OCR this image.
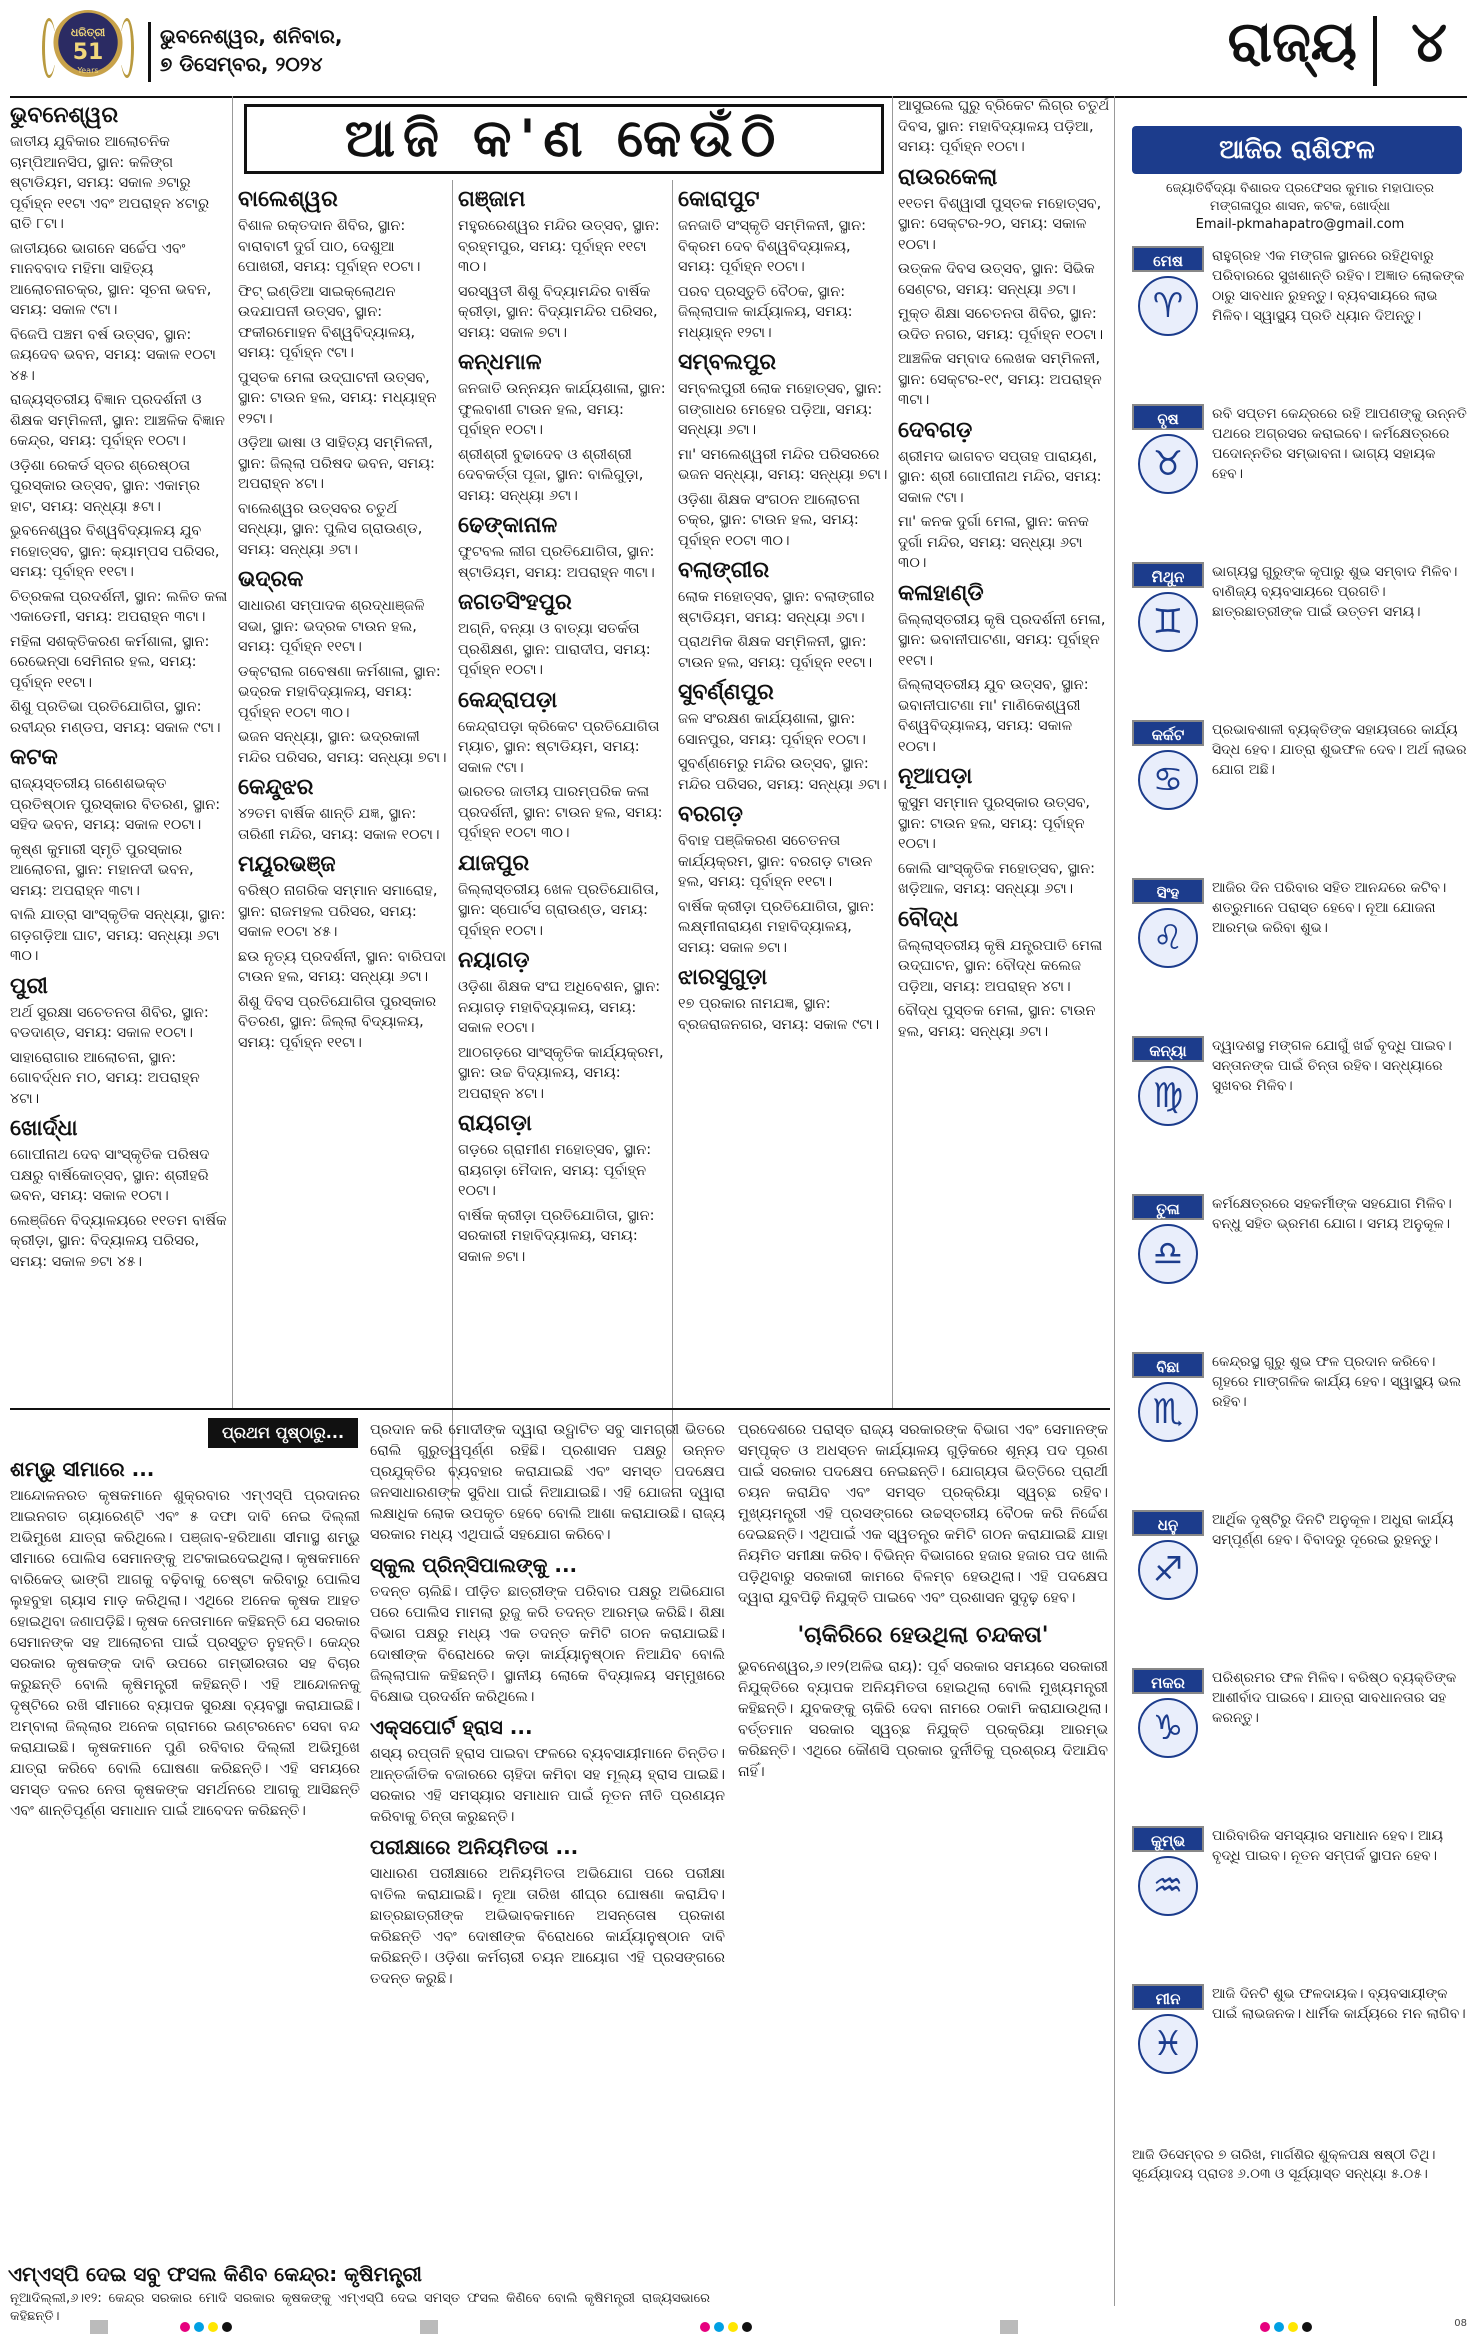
ଧରିତ୍ରୀ
51
Years
ଭୁବନେଶ୍ୱର, ଶନିବାର,
୭ ଡିସେମ୍ବର, ୨୦୨୪	ରାଜ୍ୟ ୪
ଆଜି କ'ଣ କେଉଁଠି
ଭୁବନେଶ୍ୱର

ଜାତୀୟ ଯୁବିକାର ଆଲୋଚନିକ ଚାମ୍ପିଆନସିପ, ସ୍ଥାନ: କଳିଙ୍ଗ ଷ୍ଟାଡିୟମ, ସମୟ: ସକାଳ ୬ଟାରୁ ପୂର୍ବାହ୍ନ ୧୧ଟା ଏବଂ ଅପରାହ୍ନ ୪ଟାରୁ ରାତି ୮ଟା।

ଜାତୀୟରେ ଭାଗନେ ସର୍ଚ୍ଚେପ ଏବଂ ମାନବବାଦ ମହିମା ସାହିତ୍ୟ ଆଲୋଚନାଚକ୍ର, ସ୍ଥାନ: ସୂଚନା ଭବନ, ସମୟ: ସକାଳ ୯ଟା।

ବିଜେପି ପଞ୍ଚମ ବର୍ଷ ଉତ୍ସବ, ସ୍ଥାନ: ଜୟଦେବ ଭବନ, ସମୟ: ସକାଳ ୧୦ଟା ୪୫।

ରାଜ୍ୟସ୍ତରୀୟ ବିଜ୍ଞାନ ପ୍ରଦର୍ଶନୀ ଓ ଶିକ୍ଷକ ସମ୍ମିଳନୀ, ସ୍ଥାନ: ଆଞ୍ଚଳିକ ବିଜ୍ଞାନ କେନ୍ଦ୍ର, ସମୟ: ପୂର୍ବାହ୍ନ ୧୦ଟା।

ଓଡ଼ିଶା ରେକର୍ଡ ସ୍ତର ଶ୍ରେଷ୍ଠତା ପୁରସ୍କାର ଉତ୍ସବ, ସ୍ଥାନ: ଏକାମ୍ର ହାଟ, ସମୟ: ସନ୍ଧ୍ୟା ୫ଟା।

ଭୁବନେଶ୍ୱର ବିଶ୍ୱବିଦ୍ୟାଳୟ ଯୁବ ମହୋତ୍ସବ, ସ୍ଥାନ: କ୍ୟାମ୍ପସ ପରିସର, ସମୟ: ପୂର୍ବାହ୍ନ ୧୧ଟା।

ଚିତ୍ରକଳା ପ୍ରଦର୍ଶନୀ, ସ୍ଥାନ: ଲଳିତ କଳା ଏକାଡେମୀ, ସମୟ: ଅପରାହ୍ନ ୩ଟା।

ମହିଳା ସଶକ୍ତିକରଣ କର୍ମଶାଳା, ସ୍ଥାନ: ରେଭେନ୍ସା ସେମିନାର ହଲ, ସମୟ: ପୂର୍ବାହ୍ନ ୧୧ଟା।

ଶିଶୁ ପ୍ରତିଭା ପ୍ରତିଯୋଗିତା, ସ୍ଥାନ: ରବୀନ୍ଦ୍ର ମଣ୍ଡପ, ସମୟ: ସକାଳ ୯ଟା।

କଟକ

ରାଜ୍ୟସ୍ତରୀୟ ଗଣେଶଭକ୍ତ ପ୍ରତିଷ୍ଠାନ ପୁରସ୍କାର ବିତରଣ, ସ୍ଥାନ: ସହିଦ ଭବନ, ସମୟ: ସକାଳ ୧୦ଟା।

କୃଷ୍ଣ କୁମାରୀ ସ୍ମୃତି ପୁରସ୍କାର ଆଲୋଚନା, ସ୍ଥାନ: ମହାନଦୀ ଭବନ, ସମୟ: ଅପରାହ୍ନ ୩ଟା।

ବାଲି ଯାତ୍ରା ସାଂସ୍କୃତିକ ସନ୍ଧ୍ୟା, ସ୍ଥାନ: ଗଡ଼ଗଡ଼ିଆ ଘାଟ, ସମୟ: ସନ୍ଧ୍ୟା ୬ଟା ୩୦।

ପୁରୀ

ଅର୍ଥ ସୁରକ୍ଷା ସଚେତନତା ଶିବିର, ସ୍ଥାନ: ବଡଦାଣ୍ଡ, ସମୟ: ସକାଳ ୧୦ଟା।

ସାହାରୋଗାର ଆଲୋଚନା, ସ୍ଥାନ: ଗୋବର୍ଦ୍ଧନ ମଠ, ସମୟ: ଅପରାହ୍ନ ୪ଟା।

ଖୋର୍ଦ୍ଧା

ଗୋପୀନାଥ ଦେବ ସାଂସ୍କୃତିକ ପରିଷଦ ପକ୍ଷରୁ ବାର୍ଷିକୋତ୍ସବ, ସ୍ଥାନ: ଶ୍ରୀହରି ଭବନ, ସମୟ: ସକାଳ ୧୦ଟା।

ଲେଞ୍ଜିନେ ବିଦ୍ୟାଳୟରେ ୧୧ତମ ବାର୍ଷିକ କ୍ରୀଡ଼ା, ସ୍ଥାନ: ବିଦ୍ୟାଳୟ ପରିସର, ସମୟ: ସକାଳ ୭ଟା ୪୫।

ବାଲେଶ୍ୱର

ବିଶାଳ ରକ୍ତଦାନ ଶିବିର, ସ୍ଥାନ: ବାରାବାଟୀ ଦୁର୍ଗ ପାଠ, ଦେଶୁଆ ପୋଖରୀ, ସମୟ: ପୂର୍ବାହ୍ନ ୧୦ଟା।

ଫିଟ୍ ଇଣ୍ଡିଆ ସାଇକ୍ଲୋଥନ ଉଦଯାପନୀ ଉତ୍ସବ, ସ୍ଥାନ: ଫକୀରମୋହନ ବିଶ୍ୱବିଦ୍ୟାଳୟ, ସମୟ: ପୂର୍ବାହ୍ନ ୯ଟା।

ପୁସ୍ତକ ମେଳା ଉଦ୍‌ଘାଟନୀ ଉତ୍ସବ, ସ୍ଥାନ: ଟାଉନ ହଲ, ସମୟ: ମଧ୍ୟାହ୍ନ ୧୨ଟା।

ଓଡ଼ିଆ ଭାଷା ଓ ସାହିତ୍ୟ ସମ୍ମିଳନୀ, ସ୍ଥାନ: ଜିଲ୍ଲା ପରିଷଦ ଭବନ, ସମୟ: ଅପରାହ୍ନ ୪ଟା।

ବାଲେଶ୍ୱର ଉତ୍ସବର ଚତୁର୍ଥ ସନ୍ଧ୍ୟା, ସ୍ଥାନ: ପୁଲିସ ଗ୍ରାଉଣ୍ଡ, ସମୟ: ସନ୍ଧ୍ୟା ୬ଟା।

ଭଦ୍ରକ

ସାଧାରଣ ସମ୍ପାଦକ ଶ୍ରଦ୍ଧାଞ୍ଜଳି ସଭା, ସ୍ଥାନ: ଭଦ୍ରକ ଟାଉନ ହଲ, ସମୟ: ପୂର୍ବାହ୍ନ ୧୧ଟା।

ଡକ୍ଟରାଲ ଗବେଷଣା କର୍ମଶାଳା, ସ୍ଥାନ: ଭଦ୍ରକ ମହାବିଦ୍ୟାଳୟ, ସମୟ: ପୂର୍ବାହ୍ନ ୧୦ଟା ୩୦।

ଭଜନ ସନ୍ଧ୍ୟା, ସ୍ଥାନ: ଭଦ୍ରକାଳୀ ମନ୍ଦିର ପରିସର, ସମୟ: ସନ୍ଧ୍ୟା ୭ଟା।

କେନ୍ଦୁଝର

୪୨ତମ ବାର୍ଷିକ ଶାନ୍ତି ଯଜ୍ଞ, ସ୍ଥାନ: ତାରିଣୀ ମନ୍ଦିର, ସମୟ: ସକାଳ ୧୦ଟା।

ମୟୂରଭଞ୍ଜ

ବରିଷ୍ଠ ନାଗରିକ ସମ୍ମାନ ସମାରୋହ, ସ୍ଥାନ: ରାଜମହଲ ପରିସର, ସମୟ: ସକାଳ ୧୦ଟା ୪୫।

ଛଉ ନୃତ୍ୟ ପ୍ରଦର୍ଶନୀ, ସ୍ଥାନ: ବାରିପଦା ଟାଉନ ହଲ, ସମୟ: ସନ୍ଧ୍ୟା ୬ଟା।

ଶିଶୁ ଦିବସ ପ୍ରତିଯୋଗିତା ପୁରସ୍କାର ବିତରଣ, ସ୍ଥାନ: ଜିଲ୍ଲା ବିଦ୍ୟାଳୟ, ସମୟ: ପୂର୍ବାହ୍ନ ୧୧ଟା।

ଗଞ୍ଜାମ

ମହୁରରେଶ୍ୱର ମନ୍ଦିର ଉତ୍ସବ, ସ୍ଥାନ: ବ୍ରହ୍ମପୁର, ସମୟ: ପୂର୍ବାହ୍ନ ୧୧ଟା ୩୦।

ସରସ୍ୱତୀ ଶିଶୁ ବିଦ୍ୟାମନ୍ଦିର ବାର୍ଷିକ କ୍ରୀଡ଼ା, ସ୍ଥାନ: ବିଦ୍ୟାମନ୍ଦିର ପରିସର, ସମୟ: ସକାଳ ୭ଟା।

କନ୍ଧମାଳ

ଜନଜାତି ଉନ୍ନୟନ କାର୍ଯ୍ୟଶାଳା, ସ୍ଥାନ: ଫୁଲବାଣୀ ଟାଉନ ହଲ, ସମୟ: ପୂର୍ବାହ୍ନ ୧୦ଟା।

ଶ୍ରୀଶ୍ରୀ ବୁଢାଦେବ ଓ ଶ୍ରୀଶ୍ରୀ ଦେବକର୍ତ୍ତା ପୂଜା, ସ୍ଥାନ: ବାଲିଗୁଡ଼ା, ସମୟ: ସନ୍ଧ୍ୟା ୬ଟା।

ଢେଙ୍କାନାଳ

ଫୁଟବଲ ଲୀଗ ପ୍ରତିଯୋଗିତା, ସ୍ଥାନ: ଷ୍ଟାଡିୟମ, ସମୟ: ଅପରାହ୍ନ ୩ଟା।

ଜଗତସିଂହପୁର

ଅଗ୍ନି, ବନ୍ୟା ଓ ବାତ୍ୟା ସତର୍କତା ପ୍ରଶିକ୍ଷଣ, ସ୍ଥାନ: ପାରାଦୀପ, ସମୟ: ପୂର୍ବାହ୍ନ ୧୦ଟା।

କେନ୍ଦ୍ରାପଡ଼ା

କେନ୍ଦ୍ରାପଡ଼ା କ୍ରିକେଟ ପ୍ରତିଯୋଗିତା ମ୍ୟାଚ, ସ୍ଥାନ: ଷ୍ଟାଡିୟମ, ସମୟ: ସକାଳ ୯ଟା।

ଭାରତର ଜାତୀୟ ପାରମ୍ପରିକ କଳା ପ୍ରଦର୍ଶନୀ, ସ୍ଥାନ: ଟାଉନ ହଲ, ସମୟ: ପୂର୍ବାହ୍ନ ୧୦ଟା ୩୦।

ଯାଜପୁର

ଜିଲ୍ଲାସ୍ତରୀୟ ଖେଳ ପ୍ରତିଯୋଗିତା, ସ୍ଥାନ: ସ୍ପୋର୍ଟସ ଗ୍ରାଉଣ୍ଡ, ସମୟ: ପୂର୍ବାହ୍ନ ୧୦ଟା।

ନୟାଗଡ଼

ଓଡ଼ିଶା ଶିକ୍ଷକ ସଂଘ ଅଧିବେଶନ, ସ୍ଥାନ: ନୟାଗଡ଼ ମହାବିଦ୍ୟାଳୟ, ସମୟ: ସକାଳ ୧୦ଟା।

ଆଠଗଡ଼ରେ ସାଂସ୍କୃତିକ କାର୍ଯ୍ୟକ୍ରମ, ସ୍ଥାନ: ଉଚ୍ଚ ବିଦ୍ୟାଳୟ, ସମୟ: ଅପରାହ୍ନ ୪ଟା।

ରାୟଗଡ଼ା

ଗଡ଼ରେ ଗ୍ରାମୀଣ ମହୋତ୍ସବ, ସ୍ଥାନ: ରାୟଗଡ଼ା ମୈଦାନ, ସମୟ: ପୂର୍ବାହ୍ନ ୧୦ଟା।

ବାର୍ଷିକ କ୍ରୀଡ଼ା ପ୍ରତିଯୋଗିତା, ସ୍ଥାନ: ସରକାରୀ ମହାବିଦ୍ୟାଳୟ, ସମୟ: ସକାଳ ୭ଟା।

କୋରାପୁଟ

ଜନଜାତି ସଂସ୍କୃତି ସମ୍ମିଳନୀ, ସ୍ଥାନ: ବିକ୍ରମ ଦେବ ବିଶ୍ୱବିଦ୍ୟାଳୟ, ସମୟ: ପୂର୍ବାହ୍ନ ୧୦ଟା।

ପରବ ପ୍ରସ୍ତୁତି ବୈଠକ, ସ୍ଥାନ: ଜିଲ୍ଲାପାଳ କାର୍ଯ୍ୟାଳୟ, ସମୟ: ମଧ୍ୟାହ୍ନ ୧୨ଟା।

ସମ୍ବଲପୁର

ସମ୍ବଲପୁରୀ ଲୋକ ମହୋତ୍ସବ, ସ୍ଥାନ: ଗଙ୍ଗାଧର ମେହେର ପଡ଼ିଆ, ସମୟ: ସନ୍ଧ୍ୟା ୬ଟା।

ମା' ସମଲେଶ୍ୱରୀ ମନ୍ଦିର ପରିସରରେ ଭଜନ ସନ୍ଧ୍ୟା, ସମୟ: ସନ୍ଧ୍ୟା ୭ଟା।

ଓଡ଼ିଶା ଶିକ୍ଷକ ସଂଗଠନ ଆଲୋଚନା ଚକ୍ର, ସ୍ଥାନ: ଟାଉନ ହଲ, ସମୟ: ପୂର୍ବାହ୍ନ ୧୦ଟା ୩୦।

ବଲାଙ୍ଗୀର

ଲୋକ ମହୋତ୍ସବ, ସ୍ଥାନ: ବଲାଙ୍ଗୀର ଷ୍ଟାଡିୟମ, ସମୟ: ସନ୍ଧ୍ୟା ୬ଟା।

ପ୍ରାଥମିକ ଶିକ୍ଷକ ସମ୍ମିଳନୀ, ସ୍ଥାନ: ଟାଉନ ହଲ, ସମୟ: ପୂର୍ବାହ୍ନ ୧୧ଟା।

ସୁବର୍ଣ୍ଣପୁର

ଜଳ ସଂରକ୍ଷଣ କାର୍ଯ୍ୟଶାଳା, ସ୍ଥାନ: ସୋନପୁର, ସମୟ: ପୂର୍ବାହ୍ନ ୧୦ଟା।

ସୁବର୍ଣ୍ଣମେରୁ ମନ୍ଦିର ଉତ୍ସବ, ସ୍ଥାନ: ମନ୍ଦିର ପରିସର, ସମୟ: ସନ୍ଧ୍ୟା ୬ଟା।

ବରଗଡ଼

ବିବାହ ପଞ୍ଜିକରଣ ସଚେତନତା କାର୍ଯ୍ୟକ୍ରମ, ସ୍ଥାନ: ବରଗଡ଼ ଟାଉନ ହଲ, ସମୟ: ପୂର୍ବାହ୍ନ ୧୧ଟା।

ବାର୍ଷିକ କ୍ରୀଡ଼ା ପ୍ରତିଯୋଗିତା, ସ୍ଥାନ: ଲକ୍ଷ୍ମୀନାରାୟଣ ମହାବିଦ୍ୟାଳୟ, ସମୟ: ସକାଳ ୭ଟା।

ଝାରସୁଗୁଡ଼ା

୧୭ ପ୍ରକାର ନାମଯଜ୍ଞ, ସ୍ଥାନ: ବ୍ରଜରାଜନଗର, ସମୟ: ସକାଳ ୯ଟା।

ଆସୁଇଲେ ଘୁରୁ ବ୍ରିକେଟ ଲିଗ୍‌ର ଚତୁର୍ଥ ଦିବସ, ସ୍ଥାନ: ମହାବିଦ୍ୟାଳୟ ପଡ଼ିଆ, ସମୟ: ପୂର୍ବାହ୍ନ ୧୦ଟା।

ରାଉରକେଲା

୧୧ତମ ବିଶ୍ୱାସୀ ପୁସ୍ତକ ମହୋତ୍ସବ, ସ୍ଥାନ: ସେକ୍ଟର-୨୦, ସମୟ: ସକାଳ ୧୦ଟା।

ଉତ୍କଳ ଦିବସ ଉତ୍ସବ, ସ୍ଥାନ: ସିଭିକ ସେଣ୍ଟର, ସମୟ: ସନ୍ଧ୍ୟା ୬ଟା।

ମୁକ୍ତ ଶିକ୍ଷା ସଚେତନତା ଶିବିର, ସ୍ଥାନ: ଉଦିତ ନଗର, ସମୟ: ପୂର୍ବାହ୍ନ ୧୦ଟା।

ଆଞ୍ଚଳିକ ସମ୍ବାଦ ଲେଖକ ସମ୍ମିଳନୀ, ସ୍ଥାନ: ସେକ୍ଟର-୧୯, ସମୟ: ଅପରାହ୍ନ ୩ଟା।

ଦେବଗଡ଼

ଶ୍ରୀମଦ ଭାଗବତ ସପ୍ତାହ ପାରାୟଣ, ସ୍ଥାନ: ଶ୍ରୀ ଗୋପୀନାଥ ମନ୍ଦିର, ସମୟ: ସକାଳ ୯ଟା।

ମା' କନକ ଦୁର୍ଗା ମେଳା, ସ୍ଥାନ: କନକ ଦୁର୍ଗା ମନ୍ଦିର, ସମୟ: ସନ୍ଧ୍ୟା ୬ଟା ୩୦।

କଳାହାଣ୍ଡି

ଜିଲ୍ଲାସ୍ତରୀୟ କୃଷି ପ୍ରଦର୍ଶନୀ ମେଳା, ସ୍ଥାନ: ଭବାନୀପାଟଣା, ସମୟ: ପୂର୍ବାହ୍ନ ୧୧ଟା।

ଜିଲ୍ଲାସ୍ତରୀୟ ଯୁବ ଉତ୍ସବ, ସ୍ଥାନ: ଭବାନୀପାଟଣା ମା' ମାଣିକେଶ୍ୱରୀ ବିଶ୍ୱବିଦ୍ୟାଳୟ, ସମୟ: ସକାଳ ୧୦ଟା।

ନୂଆପଡ଼ା

କୁସୁମ ସମ୍ମାନ ପୁରସ୍କାର ଉତ୍ସବ, ସ୍ଥାନ: ଟାଉନ ହଲ, ସମୟ: ପୂର୍ବାହ୍ନ ୧୦ଟା।

କୋଲି ସାଂସ୍କୃତିକ ମହୋତ୍ସବ, ସ୍ଥାନ: ଖଡ଼ିଆଳ, ସମୟ: ସନ୍ଧ୍ୟା ୬ଟା।

ବୌଦ୍ଧ

ଜିଲ୍ଲାସ୍ତରୀୟ କୃଷି ଯନ୍ତ୍ରପାତି ମେଳା ଉଦ୍‌ଘାଟନ, ସ୍ଥାନ: ବୌଦ୍ଧ କଲେଜ ପଡ଼ିଆ, ସମୟ: ଅପରାହ୍ନ ୪ଟା।

ବୌଦ୍ଧ ପୁସ୍ତକ ମେଳା, ସ୍ଥାନ: ଟାଉନ ହଲ, ସମୟ: ସନ୍ଧ୍ୟା ୬ଟା।

ଆଜିର ରାଶିଫଳ
ଜ୍ୟୋତିର୍ବିଦ୍ୟା ବିଶାରଦ ପ୍ରଫେସର କୁମାର ମହାପାତ୍ର
ମଙ୍ଗଳାପୁର ଶାସନ, କଟକ, ଖୋର୍ଦ୍ଧା
Email-pkmahapatro@gmail.com
ମେଷ
♈
ରାହୁଗ୍ରହ ଏକ ମଙ୍ଗଳ ସ୍ଥାନରେ ରହିଥିବାରୁ ପରିବାରରେ ସୁଖଶାନ୍ତି ରହିବ। ଅଜ୍ଞାତ ଲୋକଙ୍କ ଠାରୁ ସାବଧାନ ରୁହନ୍ତୁ। ବ୍ୟବସାୟରେ ଲାଭ ମିଳିବ। ସ୍ୱାସ୍ଥ୍ୟ ପ୍ରତି ଧ୍ୟାନ ଦିଅନ୍ତୁ।
ବୃଷ
♉
ରବି ସପ୍ତମ କେନ୍ଦ୍ରରେ ରହି ଆପଣଙ୍କୁ ଉନ୍ନତି ପଥରେ ଅଗ୍ରସର କରାଇବେ। କର୍ମକ୍ଷେତ୍ରରେ ପଦୋନ୍ନତିର ସମ୍ଭାବନା। ଭାଗ୍ୟ ସହାୟକ ହେବ।
ମିଥୁନ
♊
ଭାଗ୍ୟସ୍ଥ ଗୁରୁଙ୍କ କୃପାରୁ ଶୁଭ ସମ୍ବାଦ ମିଳିବ। ବାଣିଜ୍ୟ ବ୍ୟବସାୟରେ ପ୍ରଗତି। ଛାତ୍ରଛାତ୍ରୀଙ୍କ ପାଇଁ ଉତ୍ତମ ସମୟ।
କର୍କଟ
♋
ପ୍ରଭାବଶାଳୀ ବ୍ୟକ୍ତିଙ୍କ ସହାୟତାରେ କାର୍ଯ୍ୟ ସିଦ୍ଧ ହେବ। ଯାତ୍ରା ଶୁଭଫଳ ଦେବ। ଅର୍ଥ ଲାଭର ଯୋଗ ଅଛି।
ସିଂହ
♌
ଆଜିର ଦିନ ପରିବାର ସହିତ ଆନନ୍ଦରେ କଟିବ। ଶତ୍ରୁମାନେ ପରାସ୍ତ ହେବେ। ନୂଆ ଯୋଜନା ଆରମ୍ଭ କରିବା ଶୁଭ।
କନ୍ୟା
♍
ଦ୍ୱାଦଶସ୍ଥ ମଙ୍ଗଳ ଯୋଗୁଁ ଖର୍ଚ୍ଚ ବୃଦ୍ଧି ପାଇବ। ସନ୍ତାନଙ୍କ ପାଇଁ ଚିନ୍ତା ରହିବ। ସନ୍ଧ୍ୟାରେ ସୁଖବର ମିଳିବ।
ତୁଳା
♎
କର୍ମକ୍ଷେତ୍ରରେ ସହକର୍ମୀଙ୍କ ସହଯୋଗ ମିଳିବ। ବନ୍ଧୁ ସହିତ ଭ୍ରମଣ ଯୋଗ। ସମୟ ଅନୁକୂଳ।
ବିଛା
♏
କେନ୍ଦ୍ରସ୍ଥ ଗୁରୁ ଶୁଭ ଫଳ ପ୍ରଦାନ କରିବେ। ଗୃହରେ ମାଙ୍ଗଳିକ କାର୍ଯ୍ୟ ହେବ। ସ୍ୱାସ୍ଥ୍ୟ ଭଲ ରହିବ।
ଧନୁ
♐
ଆର୍ଥିକ ଦୃଷ୍ଟିରୁ ଦିନଟି ଅନୁକୂଳ। ଅଧୁରା କାର୍ଯ୍ୟ ସମ୍ପୂର୍ଣ୍ଣ ହେବ। ବିବାଦରୁ ଦୂରେଇ ରୁହନ୍ତୁ।
ମକର
♑
ପରିଶ୍ରମର ଫଳ ମିଳିବ। ବରିଷ୍ଠ ବ୍ୟକ୍ତିଙ୍କ ଆଶୀର୍ବାଦ ପାଇବେ। ଯାତ୍ରା ସାବଧାନତାର ସହ କରନ୍ତୁ।
କୁମ୍ଭ
♒
ପାରିବାରିକ ସମସ୍ୟାର ସମାଧାନ ହେବ। ଆୟ ବୃଦ୍ଧି ପାଇବ। ନୂତନ ସମ୍ପର୍କ ସ୍ଥାପନ ହେବ।
ମୀନ
♓
ଆଜି ଦିନଟି ଶୁଭ ଫଳଦାୟକ। ବ୍ୟବସାୟୀଙ୍କ ପାଇଁ ଲାଭଜନକ। ଧାର୍ମିକ କାର୍ଯ୍ୟରେ ମନ ଲାଗିବ।
ଆଜି ଡିସେମ୍ବର ୭ ତାରିଖ, ମାର୍ଗଶିର ଶୁକ୍ଳପକ୍ଷ ଷଷ୍ଠୀ ତିଥି। ସୂର୍ଯ୍ୟୋଦୟ ପ୍ରାତଃ ୬.୦୩ ଓ ସୂର୍ଯ୍ୟାସ୍ତ ସନ୍ଧ୍ୟା ୫.୦୫।
ପ୍ରଥମ ପୃଷ୍ଠାରୁ...
ଶମ୍ଭୁ ସୀମାରେ ...

ଆନ୍ଦୋଳନରତ କୃଷକମାନେ ଶୁକ୍ରବାର ଏମ୍‌ଏସ୍‌ପି ପ୍ରଦାନର ଆଇନଗତ ଗ୍ୟାରେଣ୍ଟି ଏବଂ ୫ ଦଫା ଦାବି ନେଇ ଦିଲ୍ଲୀ ଅଭିମୁଖେ ଯାତ୍ରା କରିଥିଲେ। ପଞ୍ଜାବ-ହରିଆଣା ସୀମାସ୍ଥ ଶମ୍ଭୁ ସୀମାରେ ପୋଲିସ ସେମାନଙ୍କୁ ଅଟକାଇଦେଇଥିଲା। କୃଷକମାନେ ବାରିକେଡ୍ ଭାଙ୍ଗି ଆଗକୁ ବଢ଼ିବାକୁ ଚେଷ୍ଟା କରିବାରୁ ପୋଲିସ ଲୁହବୁହା ଗ୍ୟାସ ମାଡ଼ କରିଥିଲା। ଏଥିରେ ଅନେକ କୃଷକ ଆହତ ହୋଇଥିବା ଜଣାପଡ଼ିଛି। କୃଷକ ନେତାମାନେ କହିଛନ୍ତି ଯେ ସରକାର ସେମାନଙ୍କ ସହ ଆଲୋଚନା ପାଇଁ ପ୍ରସ୍ତୁତ ନୁହନ୍ତି। କେନ୍ଦ୍ର ସରକାର କୃଷକଙ୍କ ଦାବି ଉପରେ ଗମ୍ଭୀରତାର ସହ ବିଚାର କରୁଛନ୍ତି ବୋଲି କୃଷିମନ୍ତ୍ରୀ କହିଛନ୍ତି। ଏହି ଆନ୍ଦୋଳନକୁ ଦୃଷ୍ଟିରେ ରଖି ସୀମାରେ ବ୍ୟାପକ ସୁରକ୍ଷା ବ୍ୟବସ୍ଥା କରାଯାଇଛି। ଅମ୍ବାଲା ଜିଲ୍ଲାର ଅନେକ ଗ୍ରାମରେ ଇଣ୍ଟରନେଟ ସେବା ବନ୍ଦ କରାଯାଇଛି। କୃଷକମାନେ ପୁଣି ରବିବାର ଦିଲ୍ଲୀ ଅଭିମୁଖେ ଯାତ୍ରା କରିବେ ବୋଲି ଘୋଷଣା କରିଛନ୍ତି। ଏହି ସମୟରେ ସମସ୍ତ ଦଳର ନେତା କୃଷକଙ୍କ ସମର୍ଥନରେ ଆଗକୁ ଆସିଛନ୍ତି ଏବଂ ଶାନ୍ତିପୂର୍ଣ୍ଣ ସମାଧାନ ପାଇଁ ଆବେଦନ କରିଛନ୍ତି।

ଏମ୍‌ଏସ୍‌ପି ଦେଇ ସବୁ ଫସଲ କିଣିବ କେନ୍ଦ୍ର: କୃଷିମନ୍ତ୍ରୀ
ନୂଆଦିଲ୍ଲୀ,୬।୧୨: କେନ୍ଦ୍ର ସରକାର ମୋଦି ସରକାର କୃଷକଙ୍କୁ ଏମ୍‌ଏସ୍‌ପି ଦେଇ ସମସ୍ତ ଫସଲ କିଣିବେ ବୋଲି କୃଷିମନ୍ତ୍ରୀ ରାଜ୍ୟସଭାରେ କହିଛନ୍ତି।

ପ୍ରଦାନ କରି ମୋଦୀଙ୍କ ଦ୍ୱାରା ଉଦ୍ଘାଟିତ ସବୁ ସାମଗ୍ରୀ ଭିତରେ ରୋଲି ଗୁରୁତ୍ୱପୂର୍ଣ୍ଣ ରହିଛି। ପ୍ରଶାସନ ପକ୍ଷରୁ ଉନ୍ନତ ପ୍ରଯୁକ୍ତିର ବ୍ୟବହାର କରାଯାଇଛି ଏବଂ ସମସ୍ତ ପଦକ୍ଷେପ ଜନସାଧାରଣଙ୍କ ସୁବିଧା ପାଇଁ ନିଆଯାଇଛି। ଏହି ଯୋଜନା ଦ୍ୱାରା ଲକ୍ଷାଧିକ ଲୋକ ଉପକୃତ ହେବେ ବୋଲି ଆଶା କରାଯାଉଛି। ରାଜ୍ୟ ସରକାର ମଧ୍ୟ ଏଥିପାଇଁ ସହଯୋଗ କରିବେ।

ସ୍କୁଲ ପ୍ରିନ୍ସିପାଲଙ୍କୁ ...

ତଦନ୍ତ ଚାଲିଛି। ପୀଡ଼ିତ ଛାତ୍ରୀଙ୍କ ପରିବାର ପକ୍ଷରୁ ଅଭିଯୋଗ ପରେ ପୋଲିସ ମାମଲା ରୁଜୁ କରି ତଦନ୍ତ ଆରମ୍ଭ କରିଛି। ଶିକ୍ଷା ବିଭାଗ ପକ୍ଷରୁ ମଧ୍ୟ ଏକ ତଦନ୍ତ କମିଟି ଗଠନ କରାଯାଇଛି। ଦୋଷୀଙ୍କ ବିରୋଧରେ କଡ଼ା କାର୍ଯ୍ୟାନୁଷ୍ଠାନ ନିଆଯିବ ବୋଲି ଜିଲ୍ଲାପାଳ କହିଛନ୍ତି। ସ୍ଥାନୀୟ ଲୋକେ ବିଦ୍ୟାଳୟ ସମ୍ମୁଖରେ ବିକ୍ଷୋଭ ପ୍ରଦର୍ଶନ କରିଥିଲେ।

ଏକ୍ସପୋର୍ଟ ହ୍ରାସ ...

ଶସ୍ୟ ରପ୍ତାନି ହ୍ରାସ ପାଇବା ଫଳରେ ବ୍ୟବସାୟୀମାନେ ଚିନ୍ତିତ। ଆନ୍ତର୍ଜାତିକ ବଜାରରେ ଚାହିଦା କମିବା ସହ ମୂଲ୍ୟ ହ୍ରାସ ପାଇଛି। ସରକାର ଏହି ସମସ୍ୟାର ସମାଧାନ ପାଇଁ ନୂତନ ନୀତି ପ୍ରଣୟନ କରିବାକୁ ଚିନ୍ତା କରୁଛନ୍ତି।

ପରୀକ୍ଷାରେ ଅନିୟମିତତା ...

ସାଧାରଣ ପରୀକ୍ଷାରେ ଅନିୟମିତତା ଅଭିଯୋଗ ପରେ ପରୀକ୍ଷା ବାତିଲ କରାଯାଇଛି। ନୂଆ ତାରିଖ ଶୀଘ୍ର ଘୋଷଣା କରାଯିବ। ଛାତ୍ରଛାତ୍ରୀଙ୍କ ଅଭିଭାବକମାନେ ଅସନ୍ତୋଷ ପ୍ରକାଶ କରିଛନ୍ତି ଏବଂ ଦୋଷୀଙ୍କ ବିରୋଧରେ କାର୍ଯ୍ୟାନୁଷ୍ଠାନ ଦାବି କରିଛନ୍ତି। ଓଡ଼ିଶା କର୍ମଚାରୀ ଚୟନ ଆୟୋଗ ଏହି ପ୍ରସଙ୍ଗରେ ତଦନ୍ତ କରୁଛି।

ପ୍ରଦେଶରେ ପରାସ୍ତ ରାଜ୍ୟ ସରକାରଙ୍କ ବିଭାଗ ଏବଂ ସେମାନଙ୍କ ସମ୍ପୃକ୍ତ ଓ ଅଧସ୍ତନ କାର୍ଯ୍ୟାଳୟ ଗୁଡ଼ିକରେ ଶୂନ୍ୟ ପଦ ପୂରଣ ପାଇଁ ସରକାର ପଦକ୍ଷେପ ନେଇଛନ୍ତି। ଯୋଗ୍ୟତା ଭିତ୍ତିରେ ପ୍ରାର୍ଥୀ ଚୟନ କରାଯିବ ଏବଂ ସମସ୍ତ ପ୍ରକ୍ରିୟା ସ୍ୱଚ୍ଛ ରହିବ। ମୁଖ୍ୟମନ୍ତ୍ରୀ ଏହି ପ୍ରସଙ୍ଗରେ ଉଚ୍ଚସ୍ତରୀୟ ବୈଠକ କରି ନିର୍ଦ୍ଦେଶ ଦେଇଛନ୍ତି। ଏଥିପାଇଁ ଏକ ସ୍ୱତନ୍ତ୍ର କମିଟି ଗଠନ କରାଯାଇଛି ଯାହା ନିୟମିତ ସମୀକ୍ଷା କରିବ। ବିଭିନ୍ନ ବିଭାଗରେ ହଜାର ହଜାର ପଦ ଖାଲି ପଡ଼ିଥିବାରୁ ସରକାରୀ କାମରେ ବିଳମ୍ବ ହେଉଥିଲା। ଏହି ପଦକ୍ଷେପ ଦ୍ୱାରା ଯୁବପିଢ଼ି ନିଯୁକ୍ତି ପାଇବେ ଏବଂ ପ୍ରଶାସନ ସୁଦୃଢ଼ ହେବ।

'ଚାକିରିରେ ହେଉଥିଲା ଚନ୍ଦକତା'

ଭୁବନେଶ୍ୱର,୬।୧୨(ଅଳିଭ ରାୟ): ପୂର୍ବ ସରକାର ସମୟରେ ସରକାରୀ ନିଯୁକ୍ତିରେ ବ୍ୟାପକ ଅନିୟମିତତା ହୋଇଥିଲା ବୋଲି ମୁଖ୍ୟମନ୍ତ୍ରୀ କହିଛନ୍ତି। ଯୁବକଙ୍କୁ ଚାକିରି ଦେବା ନାମରେ ଠକାମି କରାଯାଉଥିଲା। ବର୍ତ୍ତମାନ ସରକାର ସ୍ୱଚ୍ଛ ନିଯୁକ୍ତି ପ୍ରକ୍ରିୟା ଆରମ୍ଭ କରିଛନ୍ତି। ଏଥିରେ କୌଣସି ପ୍ରକାର ଦୁର୍ନୀତିକୁ ପ୍ରଶ୍ରୟ ଦିଆଯିବ ନାହିଁ।

08
